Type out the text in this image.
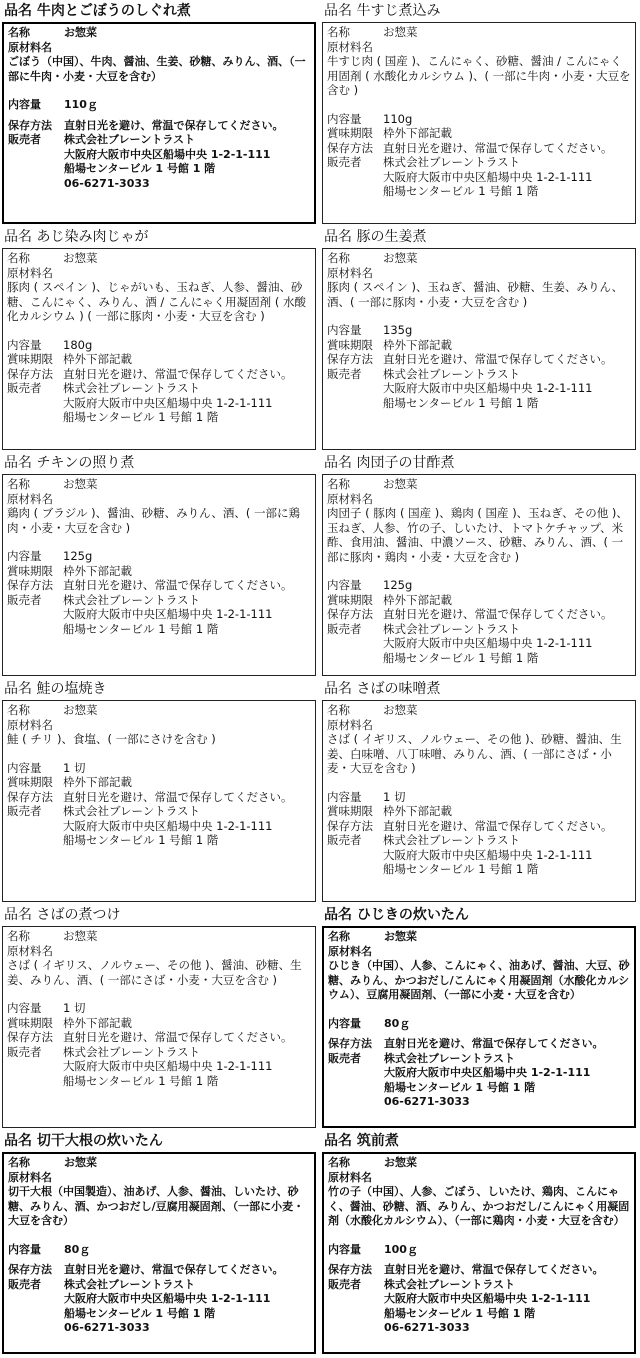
品名 牛肉とごぼうのしぐれ煮
名称	お惣菜
原材料名
ごぼう（中国）、牛肉、醤油、生姜、砂糖、みりん、酒、（一部に牛肉・小麦・大豆を含む）
内容量	110ｇ
保存方法	直射日光を避け、常温で保存してください。
販売者	株式会社ブレーントラスト
大阪府大阪市中央区船場中央 1-2-1-111
船場センタービル 1 号館 1 階
06-6271-3033
品名 牛すじ煮込み
名称	お惣菜
原材料名
牛すじ肉 ( 国産 )、こんにゃく、砂糖、醤油 / こんにゃく用固剤 ( 水酸化カルシウム )、( 一部に牛肉・小麦・大豆を含む )
内容量	110g
賞味期限 枠外下部記載
保存方法 直射日光を避け、常温で保存してください。
販売者	株式会社ブレーントラスト
大阪府大阪市中央区船場中央 1-2-1-111
船場センタービル 1 号館 1 階
品名 あじ染み肉じゃが
名称	お惣菜
原材料名
豚肉 ( スペイン )、じゃがいも、玉ねぎ、人参、醤油、砂糖、こんにゃく、みりん、酒 / こんにゃく用凝固剤 ( 水酸化カルシウム ) ( 一部に豚肉・小麦・大豆を含む )
内容量	180g
賞味期限 枠外下部記載
保存方法 直射日光を避け、常温で保存してください。
販売者	株式会社ブレーントラスト
大阪府大阪市中央区船場中央 1-2-1-111
船場センタービル 1 号館 1 階
品名 豚の生姜煮
名称	お惣菜
原材料名
豚肉 ( スペイン )、玉ねぎ、醤油、砂糖、生姜、みりん、酒、( 一部に豚肉・小麦・大豆を含む )
内容量	135g
賞味期限 枠外下部記載
保存方法 直射日光を避け、常温で保存してください。
販売者	株式会社ブレーントラスト
大阪府大阪市中央区船場中央 1-2-1-111
船場センタービル 1 号館 1 階
品名 チキンの照り煮
名称	お惣菜
原材料名
鶏肉 ( ブラジル )、醤油、砂糖、みりん、酒、( 一部に鶏肉・小麦・大豆を含む )
内容量	125g
賞味期限 枠外下部記載
保存方法 直射日光を避け、常温で保存してください。
販売者	株式会社ブレーントラスト
大阪府大阪市中央区船場中央 1-2-1-111
船場センタービル 1 号館 1 階
品名 肉団子の甘酢煮
名称	お惣菜
原材料名
肉団子 ( 豚肉 ( 国産 )、鶏肉 ( 国産 )、玉ねぎ、その他 )、玉ねぎ、人参、竹の子、しいたけ、トマトケチャップ、米酢、食用油、醤油、中濃ソース、砂糖、みりん、酒、( 一部に豚肉・鶏肉・小麦・大豆を含む )
内容量	125g
賞味期限 枠外下部記載
保存方法 直射日光を避け、常温で保存してください。
販売者	株式会社ブレーントラスト
大阪府大阪市中央区船場中央 1-2-1-111
船場センタービル 1 号館 1 階
品名 鮭の塩焼き
名称	お惣菜
原材料名
鮭 ( チリ )、食塩、( 一部にさけを含む )
内容量	1 切
賞味期限 枠外下部記載
保存方法 直射日光を避け、常温で保存してください。
販売者	株式会社ブレーントラスト
大阪府大阪市中央区船場中央 1-2-1-111
船場センタービル 1 号館 1 階
品名 さばの味噌煮
名称	お惣菜
原材料名
さば ( イギリス、ノルウェー、その他 )、砂糖、醤油、生姜、白味噌、八丁味噌、みりん、酒、( 一部にさば・小麦・大豆を含む )
内容量	1 切
賞味期限 枠外下部記載
保存方法 直射日光を避け、常温で保存してください。
販売者	株式会社ブレーントラスト
大阪府大阪市中央区船場中央 1-2-1-111
船場センタービル 1 号館 1 階
品名 さばの煮つけ
名称	お惣菜
原材料名
さば ( イギリス、ノルウェー、その他 )、醤油、砂糖、生姜、みりん、酒、( 一部にさば・小麦・大豆を含む )
内容量	1 切
賞味期限 枠外下部記載
保存方法 直射日光を避け、常温で保存してください。
販売者	株式会社ブレーントラスト
大阪府大阪市中央区船場中央 1-2-1-111
船場センタービル 1 号館 1 階
品名 ひじきの炊いたん
名称	お惣菜
原材料名
ひじき（中国）、人参、こんにゃく、油あげ、醤油、大豆、砂糖、みりん、かつおだし/こんにゃく用凝固剤（水酸化カルシウム）、豆腐用凝固剤、（一部に小麦・大豆を含む）
内容量	80ｇ
保存方法	直射日光を避け、常温で保存してください。
販売者	株式会社ブレーントラスト
大阪府大阪市中央区船場中央 1-2-1-111
船場センタービル 1 号館 1 階
06-6271-3033
品名 切干大根の炊いたん
名称	お惣菜
原材料名
切干大根（中国製造）、油あげ、人参、醤油、しいたけ、砂糖、みりん、酒、かつおだし/豆腐用凝固剤、（一部に小麦・大豆を含む）
内容量	80ｇ
保存方法	直射日光を避け、常温で保存してください。
販売者	株式会社ブレーントラスト
大阪府大阪市中央区船場中央 1-2-1-111
船場センタービル 1 号館 1 階
06-6271-3033
品名 筑前煮
名称	お惣菜
原材料名
竹の子（中国）、人参、ごぼう、しいたけ、鶏肉、こんにゃく、醤油、砂糖、酒、みりん、かつおだし/こんにゃく用凝固剤（水酸化カルシウム）、（一部に鶏肉・小麦・大豆を含む）
内容量	100ｇ
保存方法	直射日光を避け、常温で保存してください。
販売者	株式会社ブレーントラスト
大阪府大阪市中央区船場中央 1-2-1-111
船場センタービル 1 号館 1 階
06-6271-3033
